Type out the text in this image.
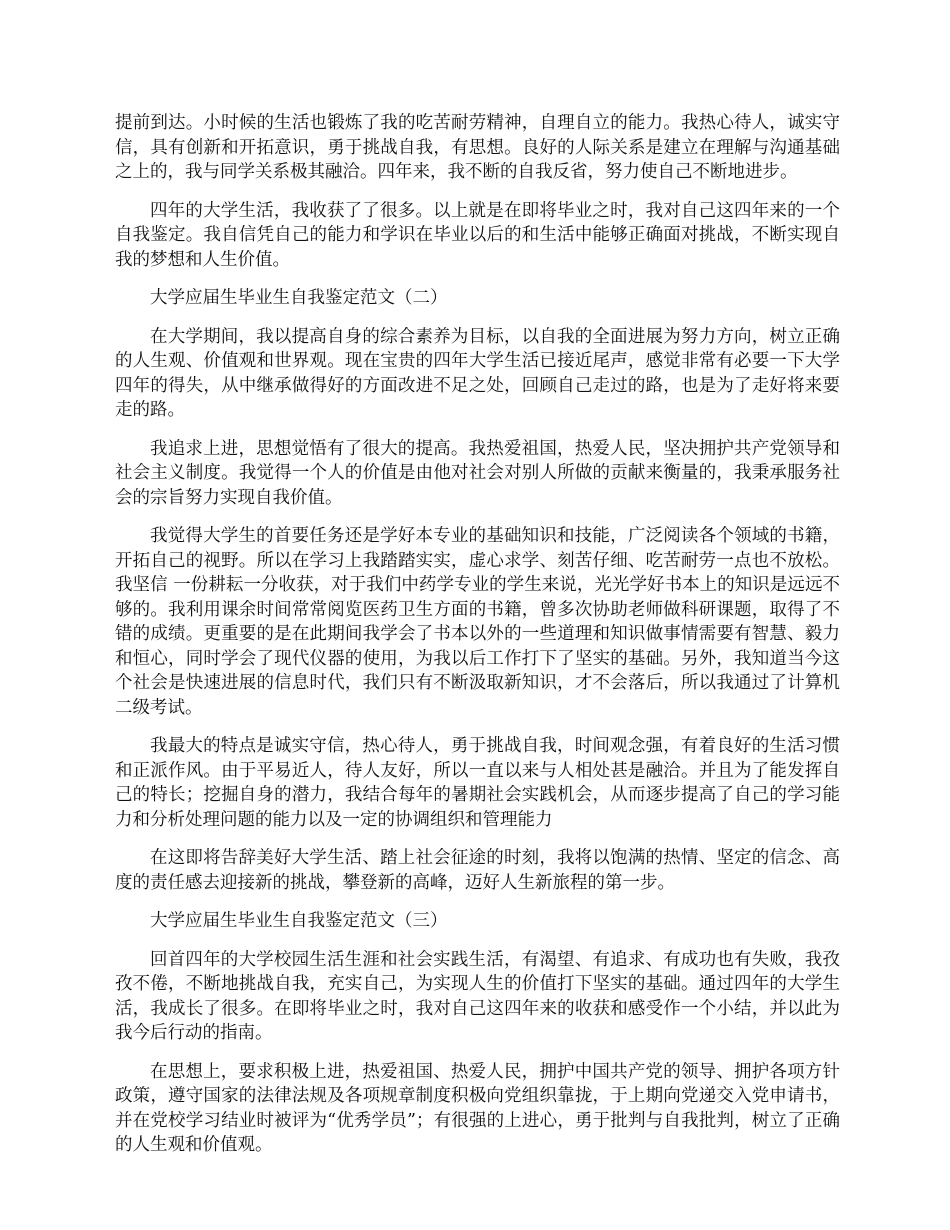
提前到达。小时候的生活也锻炼了我的吃苦耐劳精神，自理自立的能力。我热心待人，诚实守信，具有创新和开拓意识，勇于挑战自我，有思想。良好的人际关系是建立在理解与沟通基础之上的，我与同学关系极其融洽。四年来，我不断的自我反省，努力使自己不断地进步。

四年的大学生活，我收获了了很多。以上就是在即将毕业之时，我对自己这四年来的一个自我鉴定。我自信凭自己的能力和学识在毕业以后的和生活中能够正确面对挑战，不断实现自我的梦想和人生价值。

大学应届生毕业生自我鉴定范文（二）

在大学期间，我以提高自身的综合素养为目标，以自我的全面进展为努力方向，树立正确的人生观、价值观和世界观。现在宝贵的四年大学生活已接近尾声，感觉非常有必要一下大学四年的得失，从中继承做得好的方面改进不足之处，回顾自己走过的路，也是为了走好将来要走的路。

我追求上进，思想觉悟有了很大的提高。我热爱祖国，热爱人民，坚决拥护共产党领导和社会主义制度。我觉得一个人的价值是由他对社会对别人所做的贡献来衡量的，我秉承服务社会的宗旨努力实现自我价值。

我觉得大学生的首要任务还是学好本专业的基础知识和技能，广泛阅读各个领域的书籍，开拓自己的视野。所以在学习上我踏踏实实，虚心求学、刻苦仔细、吃苦耐劳一点也不放松。我坚信 一份耕耘一分收获，对于我们中药学专业的学生来说，光光学好书本上的知识是远远不够的。我利用课余时间常常阅览医药卫生方面的书籍，曾多次协助老师做科研课题，取得了不错的成绩。更重要的是在此期间我学会了书本以外的一些道理和知识做事情需要有智慧、毅力和恒心，同时学会了现代仪器的使用，为我以后工作打下了坚实的基础。另外，我知道当今这个社会是快速进展的信息时代，我们只有不断汲取新知识，才不会落后，所以我通过了计算机二级考试。

我最大的特点是诚实守信，热心待人，勇于挑战自我，时间观念强，有着良好的生活习惯和正派作风。由于平易近人，待人友好，所以一直以来与人相处甚是融洽。并且为了能发挥自己的特长；挖掘自身的潜力，我结合每年的暑期社会实践机会，从而逐步提高了自己的学习能力和分析处理问题的能力以及一定的协调组织和管理能力

在这即将告辞美好大学生活、踏上社会征途的时刻，我将以饱满的热情、坚定的信念、高度的责任感去迎接新的挑战，攀登新的高峰，迈好人生新旅程的第一步。

大学应届生毕业生自我鉴定范文（三）

回首四年的大学校园生活生涯和社会实践生活，有渴望、有追求、有成功也有失败，我孜孜不倦，不断地挑战自我，充实自己，为实现人生的价值打下坚实的基础。通过四年的大学生活，我成长了很多。在即将毕业之时，我对自己这四年来的收获和感受作一个小结，并以此为我今后行动的指南。

在思想上，要求积极上进，热爱祖国、热爱人民，拥护中国共产党的领导、拥护各项方针政策，遵守国家的法律法规及各项规章制度积极向党组织靠拢，于上期向党递交入党申请书，并在党校学习结业时被评为“优秀学员”；有很强的上进心，勇于批判与自我批判，树立了正确的人生观和价值观。
